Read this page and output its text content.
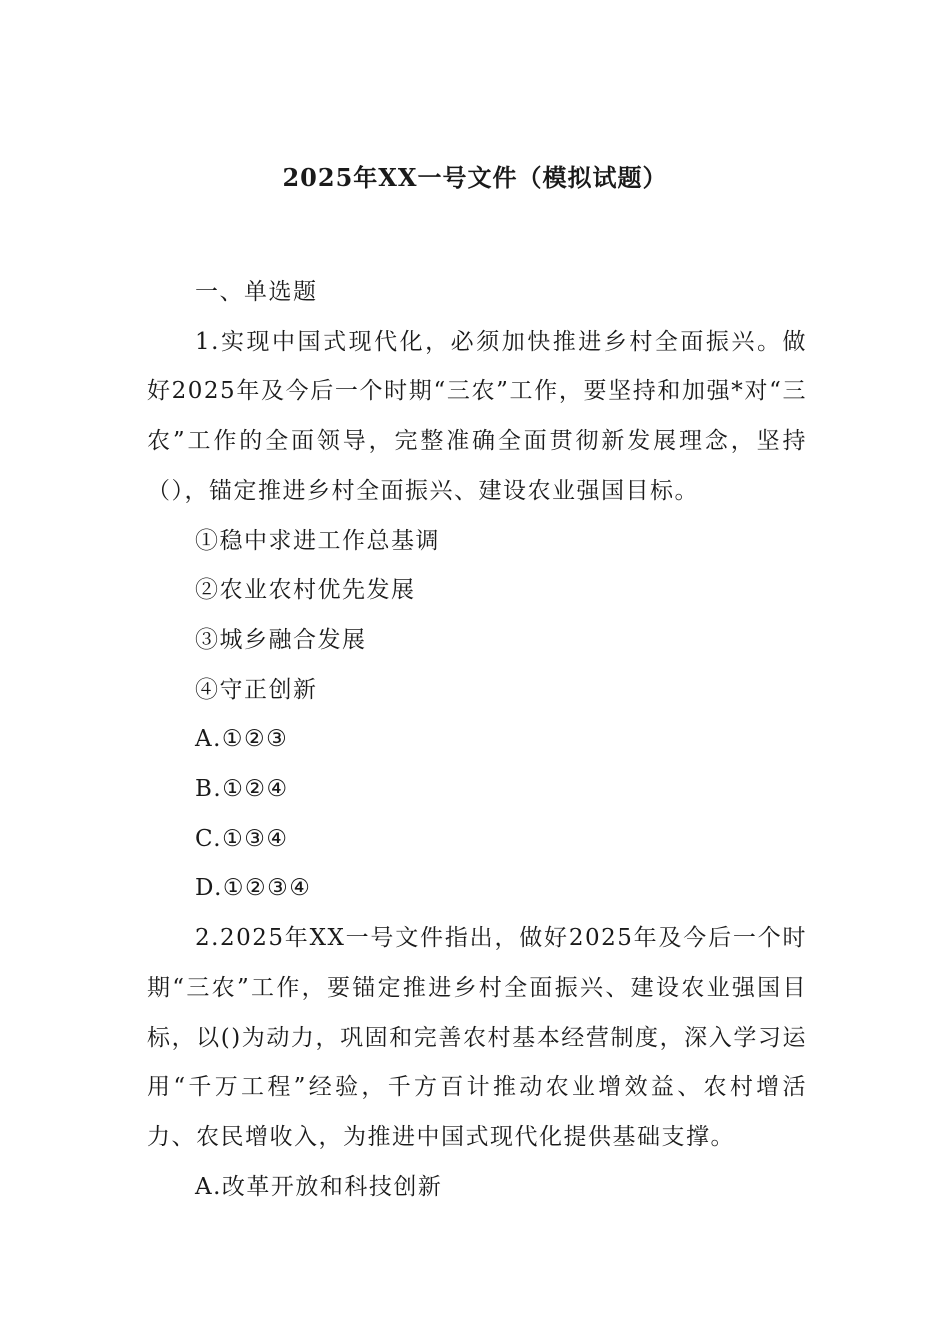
2025年XX一号文件（模拟试题）

一、单选题

1.实现中国式现代化，必须加快推进乡村全面振兴。做好2025年及今后一个时期“三农”工作，要坚持和加强*对“三农”工作的全面领导，完整准确全面贯彻新发展理念，坚持（），锚定推进乡村全面振兴、建设农业强国目标。

①稳中求进工作总基调

②农业农村优先发展

③城乡融合发展

④守正创新

A.①②③

B.①②④

C.①③④

D.①②③④

2.2025年XX一号文件指出，做好2025年及今后一个时期“三农”工作，要锚定推进乡村全面振兴、建设农业强国目标，以()为动力，巩固和完善农村基本经营制度，深入学习运用“千万工程”经验，千方百计推动农业增效益、农村增活力、农民增收入，为推进中国式现代化提供基础支撑。

A.改革开放和科技创新
